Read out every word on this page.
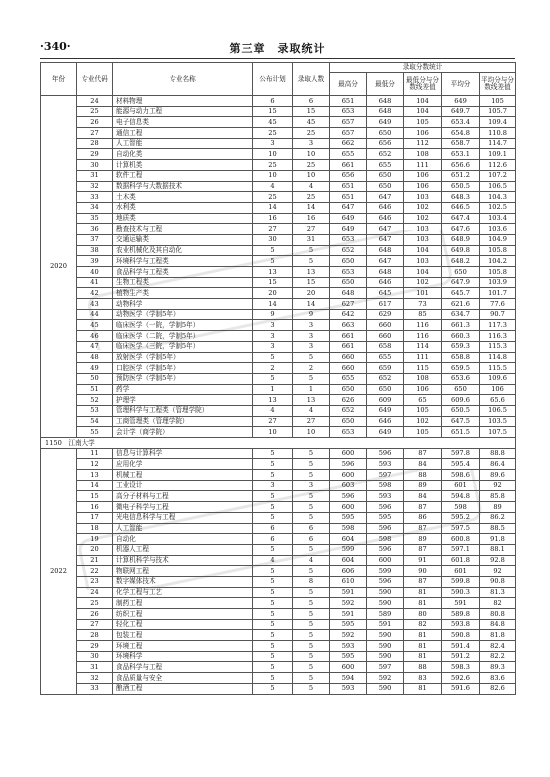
·340·	第三章　录取统计
年份	专业代码	专业名称	公布计划	录取人数	录取分数统计				
					最高分	最低分	最低分与分数线差值	平均分	平均分与分数线差值
2020	24	材料物理	6	6	651	648	104	649	105
	25	能源与动力工程	15	15	653	648	104	649.7	105.7
	26	电子信息类	45	45	657	649	105	653.4	109.4
	27	通信工程	25	25	657	650	106	654.8	110.8
	28	人工智能	3	3	662	656	112	658.7	114.7
	29	自动化类	10	10	655	652	108	653.1	109.1
	30	计算机类	25	25	661	655	111	656.6	112.6
	31	软件工程	10	10	656	650	106	651.2	107.2
	32	数据科学与大数据技术	4	4	651	650	106	650.5	106.5
	33	土木类	25	25	651	647	103	648.3	104.3
	34	水利类	14	14	647	646	102	646.5	102.5
	35	地质类	16	16	649	646	102	647.4	103.4
	36	勘查技术与工程	27	27	649	647	103	647.6	103.6
	37	交通运输类	30	31	653	647	103	648.9	104.9
	38	农业机械化及其自动化	5	5	652	648	104	649.8	105.8
	39	环境科学与工程类	5	5	650	647	103	648.2	104.2
	40	食品科学与工程类	13	13	653	648	104	650	105.8
	41	生物工程类	15	15	650	646	102	647.9	103.9
	42	植物生产类	20	20	648	645	101	645.7	101.7
	43	动物科学	14	14	627	617	73	621.6	77.6
	44	动物医学（学制5年）	9	9	642	629	85	634.7	90.7
	45	临床医学（一院，学制5年）	3	3	663	660	116	661.3	117.3
	46	临床医学（二院，学制5年）	3	3	661	660	116	660.3	116.3
	47	临床医学（三院，学制5年）	3	3	661	658	114	659.3	115.3
	48	放射医学（学制5年）	5	5	660	655	111	658.8	114.8
	49	口腔医学（学制5年）	2	2	660	659	115	659.5	115.5
	50	预防医学（学制5年）	5	5	655	652	108	653.6	109.6
	51	药学	1	1	650	650	106	650	106
	52	护理学	13	13	626	609	65	609.6	65.6
	53	管理科学与工程类（管理学院）	4	4	652	649	105	650.5	106.5
	54	工商管理类（管理学院）	27	27	650	646	102	647.5	103.5
	55	会计学（商学院）	10	10	653	649	105	651.5	107.5
1150　江南大学									
2022	11	信息与计算科学	5	5	600	596	87	597.8	88.8
	12	应用化学	5	5	596	593	84	595.4	86.4
	13	机械工程	5	5	600	597	88	598.6	89.6
	14	工业设计	3	3	603	598	89	601	92
	15	高分子材料与工程	5	5	596	593	84	594.8	85.8
	16	微电子科学与工程	5	5	600	596	87	598	89
	17	光电信息科学与工程	5	5	595	595	86	595.2	86.2
	18	人工智能	6	6	598	596	87	597.5	88.5
	19	自动化	6	6	604	598	89	600.8	91.8
	20	机器人工程	5	5	599	596	87	597.1	88.1
	21	计算机科学与技术	4	4	604	600	91	601.8	92.8
	22	物联网工程	5	5	606	599	90	601	92
	23	数字媒体技术	5	8	610	596	87	599.8	90.8
	24	化学工程与工艺	5	5	591	590	81	590.3	81.3
	25	制药工程	5	5	592	590	81	591	82
	26	纺织工程	5	5	591	589	80	589.8	80.8
	27	轻化工程	5	5	595	591	82	593.8	84.8
	28	包装工程	5	5	592	590	81	590.8	81.8
	29	环境工程	5	5	593	590	81	591.4	82.4
	30	环境科学	5	5	595	590	81	591.2	82.2
	31	食品科学与工程	5	5	600	597	88	598.3	89.3
	32	食品质量与安全	5	5	594	592	83	592.6	83.6
	33	酿酒工程	5	5	593	590	81	591.6	82.6
